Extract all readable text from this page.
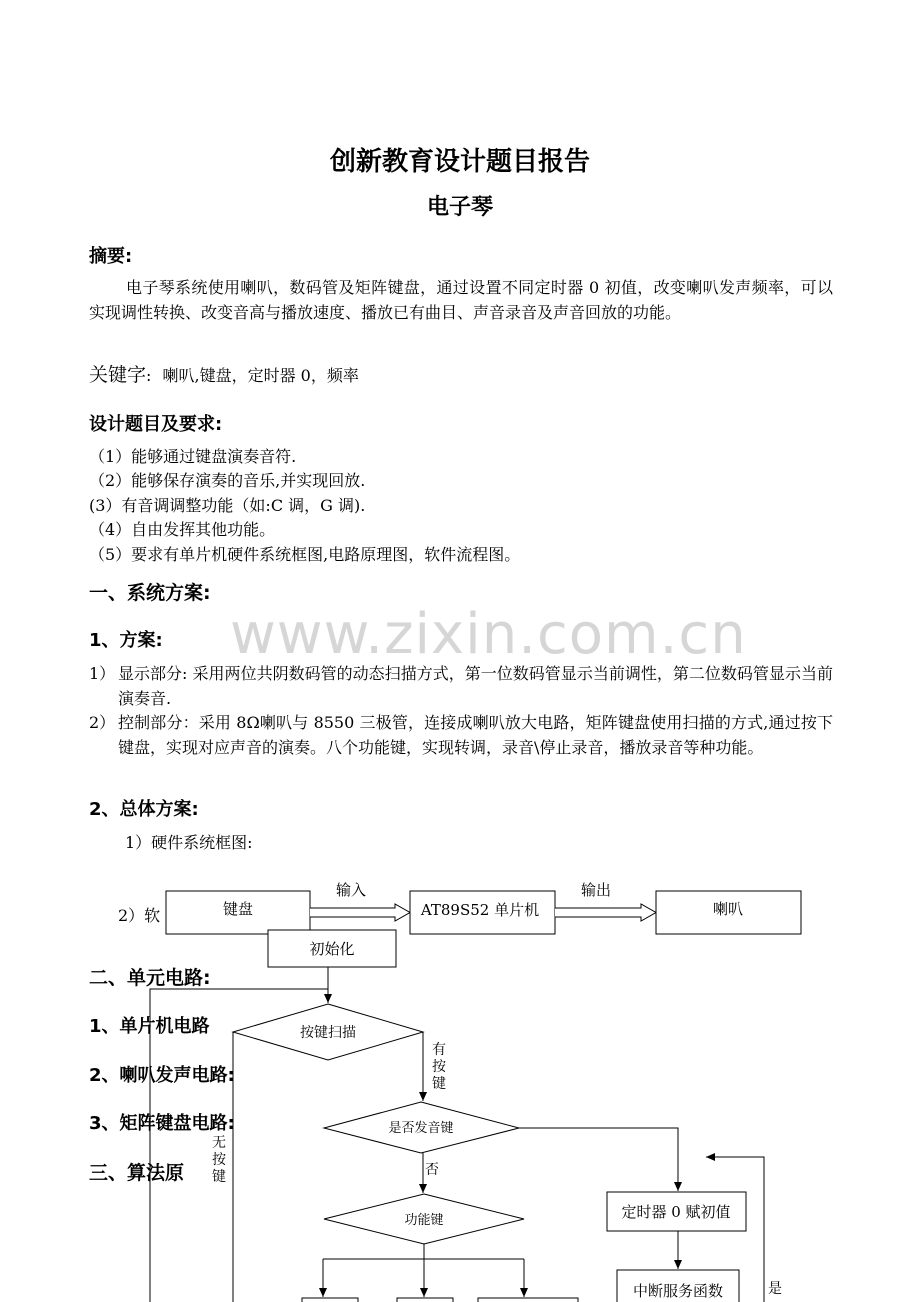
创新教育设计题目报告
电子琴
摘要:
电子琴系统使用喇叭，数码管及矩阵键盘，通过设置不同定时器 0 初值，改变喇叭发声频率，可以实现调性转换、改变音高与播放速度、播放已有曲目、声音录音及声音回放的功能。
关键字: 喇叭,键盘，定时器 0，频率
设计题目及要求:
（1）能够通过键盘演奏音符.
（2）能够保存演奏的音乐,并实现回放.
(3）有音调调整功能（如:C 调，G 调).
（4）自由发挥其他功能。
（5）要求有单片机硬件系统框图,电路原理图，软件流程图。
一、系统方案:
www.zixin.com.cn
1、方案:
1） 显示部分: 采用两位共阴数码管的动态扫描方式，第一位数码管显示当前调性，第二位数码管显示当前演奏音.
2） 控制部分：采用 8Ω喇叭与 8550 三极管，连接成喇叭放大电路，矩阵键盘使用扫描的方式,通过按下键盘，实现对应声音的演奏。八个功能键，实现转调，录音\停止录音，播放录音等种功能。
2、总体方案:
1）硬件系统框图:
2）软
二、单元电路:
1、单片机电路
2、喇叭发声电路:
3、矩阵键盘电路:
三、算法原
键盘
输入
AT89S52 单片机
输出
喇叭
初始化
按键扫描
有
按
键
无
按
键
是否发音键
否
功能键	定时器 0 赋初值
中断服务函数	是
